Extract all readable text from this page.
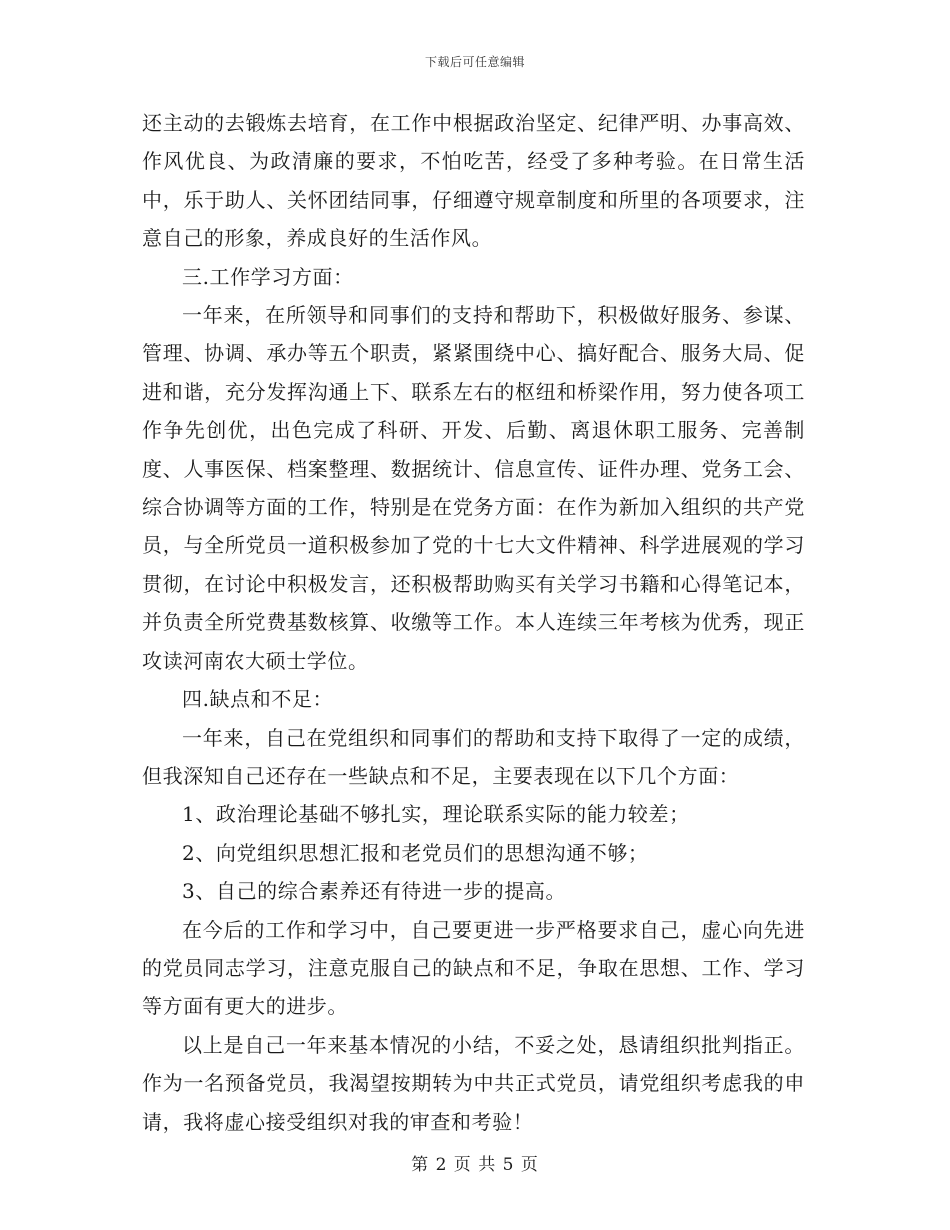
下载后可任意编辑

还主动的去锻炼去培育，在工作中根据政治坚定、纪律严明、办事高效、作风优良、为政清廉的要求，不怕吃苦，经受了多种考验。在日常生活中，乐于助人、关怀团结同事，仔细遵守规章制度和所里的各项要求，注意自己的形象，养成良好的生活作风。

三.工作学习方面：

一年来，在所领导和同事们的支持和帮助下，积极做好服务、参谋、管理、协调、承办等五个职责，紧紧围绕中心、搞好配合、服务大局、促进和谐，充分发挥沟通上下、联系左右的枢纽和桥梁作用，努力使各项工作争先创优，出色完成了科研、开发、后勤、离退休职工服务、完善制度、人事医保、档案整理、数据统计、信息宣传、证件办理、党务工会、综合协调等方面的工作，特别是在党务方面：在作为新加入组织的共产党员，与全所党员一道积极参加了党的十七大文件精神、科学进展观的学习贯彻，在讨论中积极发言，还积极帮助购买有关学习书籍和心得笔记本，并负责全所党费基数核算、收缴等工作。本人连续三年考核为优秀，现正攻读河南农大硕士学位。

四.缺点和不足：

一年来，自己在党组织和同事们的帮助和支持下取得了一定的成绩，但我深知自己还存在一些缺点和不足，主要表现在以下几个方面：

1、政治理论基础不够扎实，理论联系实际的能力较差；

2、向党组织思想汇报和老党员们的思想沟通不够；

3、自己的综合素养还有待进一步的提高。

在今后的工作和学习中，自己要更进一步严格要求自己，虚心向先进的党员同志学习，注意克服自己的缺点和不足，争取在思想、工作、学习等方面有更大的进步。

以上是自己一年来基本情况的小结，不妥之处，恳请组织批判指正。作为一名预备党员，我渴望按期转为中共正式党员，请党组织考虑我的申请，我将虚心接受组织对我的审查和考验！

第 2 页 共 5 页
